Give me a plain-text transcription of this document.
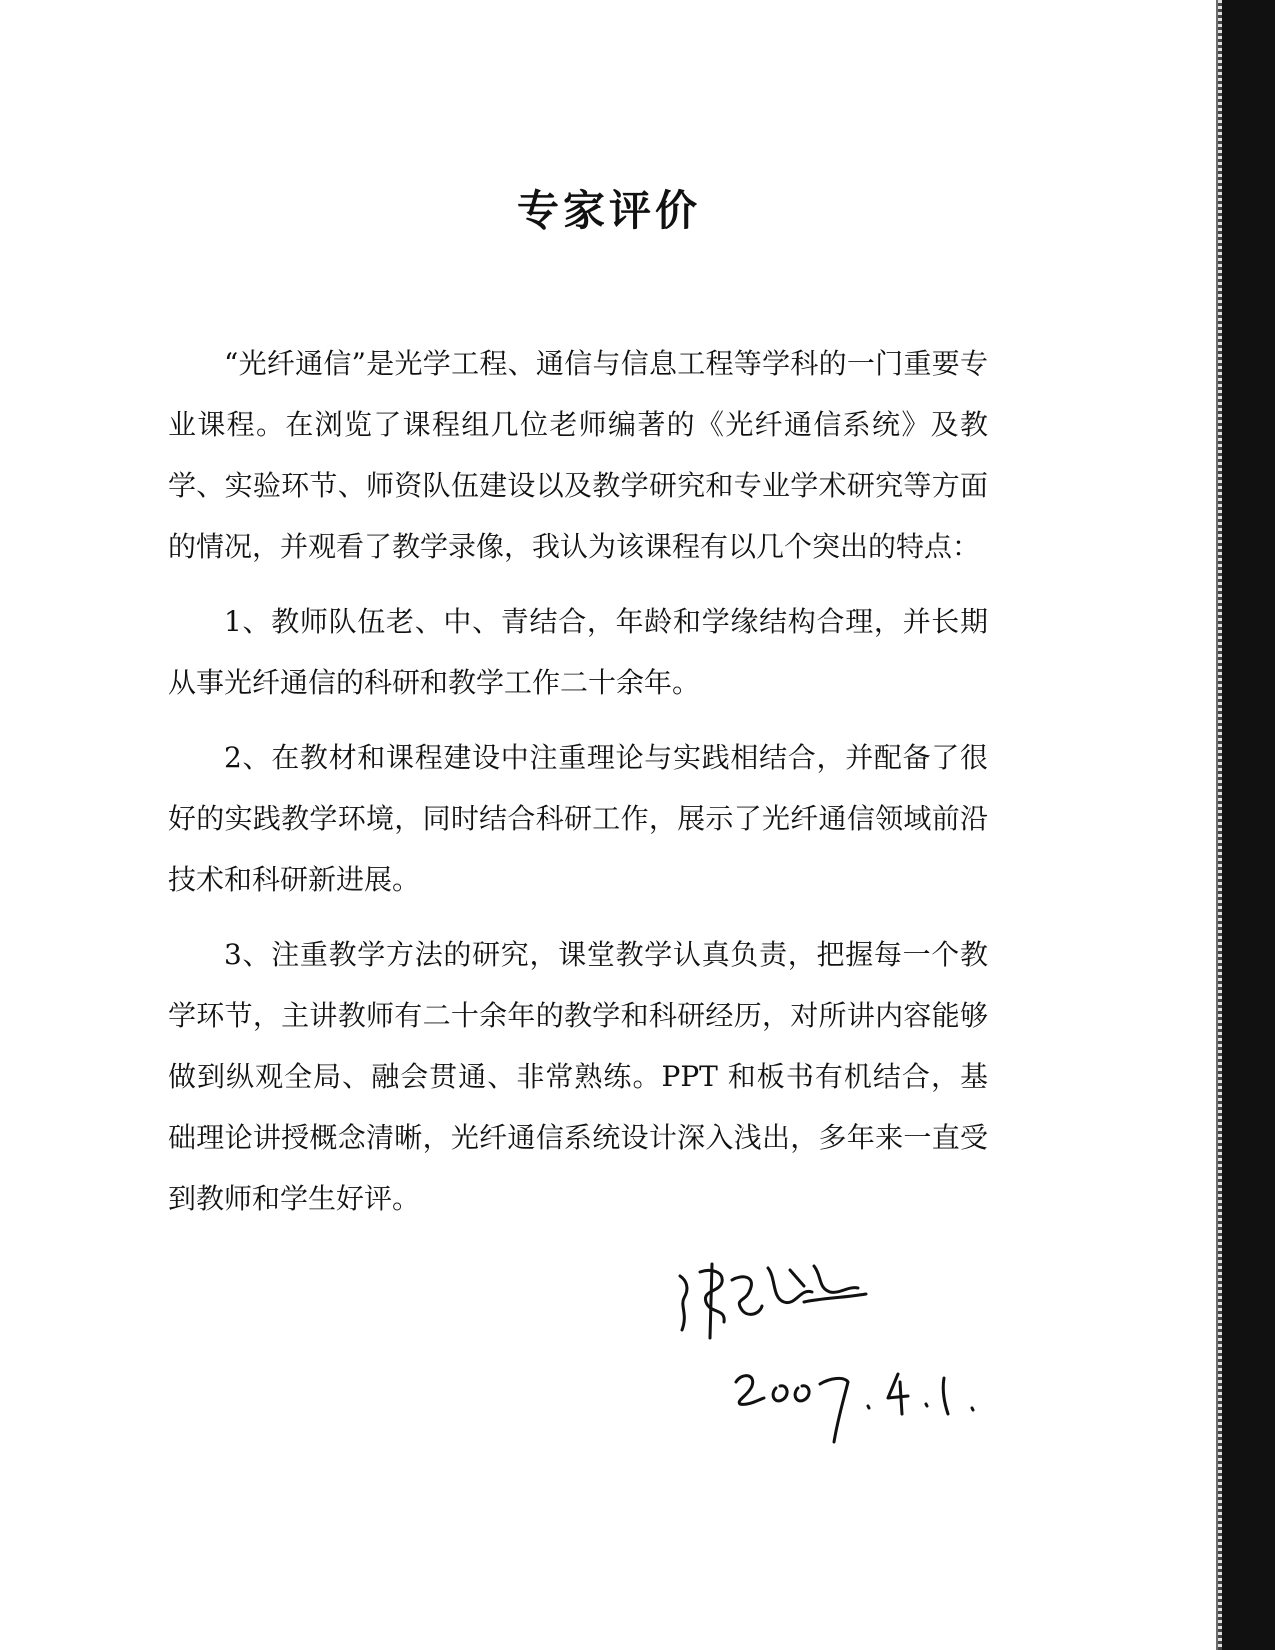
专家评价

“光纤通信”是光学工程、通信与信息工程等学科的一门重要专业课程。在浏览了课程组几位老师编著的《光纤通信系统》及教学、实验环节、师资队伍建设以及教学研究和专业学术研究等方面的情况，并观看了教学录像，我认为该课程有以几个突出的特点：

1、教师队伍老、中、青结合，年龄和学缘结构合理，并长期从事光纤通信的科研和教学工作二十余年。

2、在教材和课程建设中注重理论与实践相结合，并配备了很好的实践教学环境，同时结合科研工作，展示了光纤通信领域前沿技术和科研新进展。

3、注重教学方法的研究，课堂教学认真负责，把握每一个教学环节，主讲教师有二十余年的教学和科研经历，对所讲内容能够做到纵观全局、融会贯通、非常熟练。PPT 和板书有机结合，基础理论讲授概念清晰，光纤通信系统设计深入浅出，多年来一直受到教师和学生好评。
